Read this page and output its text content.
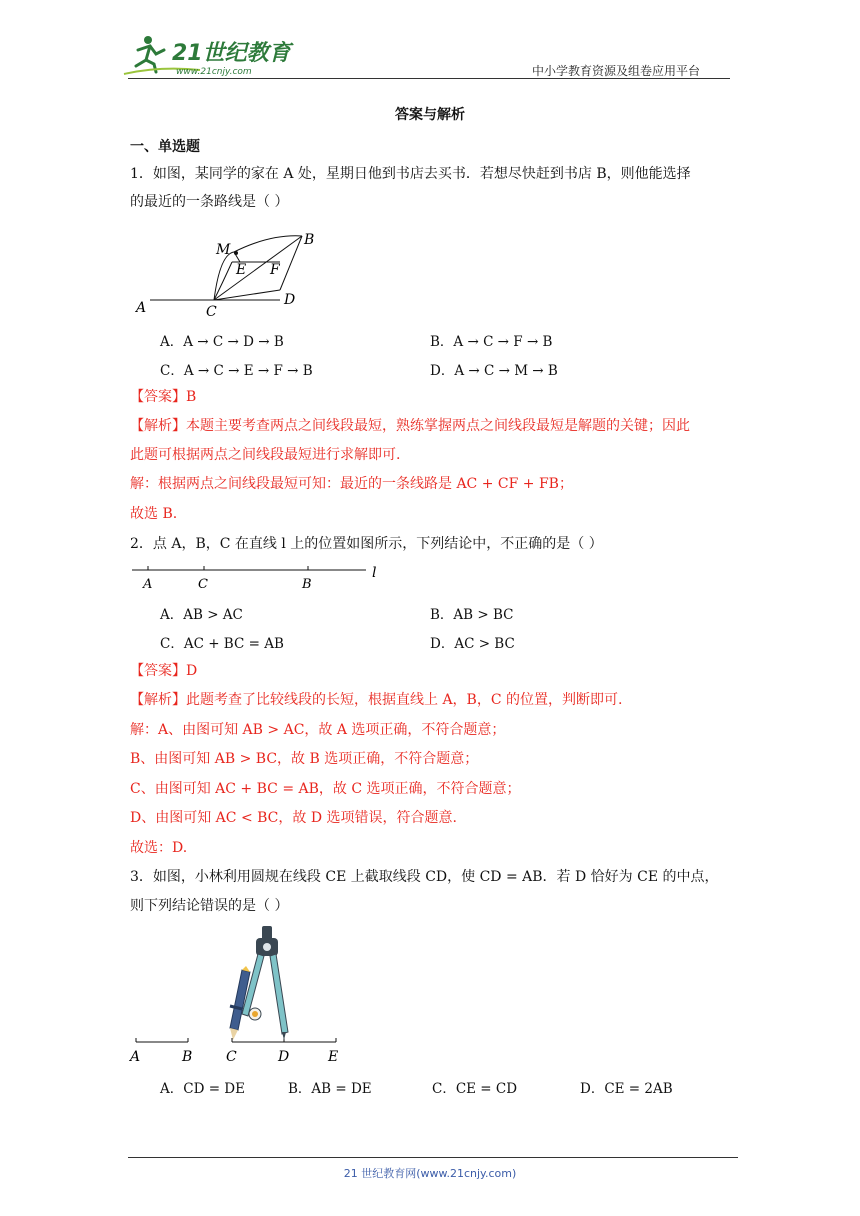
21世纪教育
www.21cnjy.com	中小学教育资源及组卷应用平台
答案与解析
一、单选题
1．如图，某同学的家在 A 处，星期日他到书店去买书．若想尽快赶到书店 B，则他能选择
的最近的一条路线是（ ）
M
B
E F
A	C
D
A．A → C → D → B	B．A → C → F → B
C．A → C → E → F → B	D．A → C → M → B
【答案】B
【解析】本题主要考查两点之间线段最短，熟练掌握两点之间线段最短是解题的关键；因此
此题可根据两点之间线段最短进行求解即可.
解：根据两点之间线段最短可知：最近的一条线路是 AC + CF + FB；
故选 B.
2．点 A，B，C 在直线 l 上的位置如图所示，下列结论中，不正确的是（ ）
A	C	B
l
A．AB > AC	B．AB > BC
C．AC + BC = AB	D．AC > BC
【答案】D
【解析】此题考查了比较线段的长短，根据直线上 A，B，C 的位置，判断即可.
解：A、由图可知 AB > AC，故 A 选项正确，不符合题意；
B、由图可知 AB > BC，故 B 选项正确，不符合题意；
C、由图可知 AC + BC = AB，故 C 选项正确，不符合题意；
D、由图可知 AC < BC，故 D 选项错误，符合题意.
故选：D.
3．如图，小林利用圆规在线段 CE 上截取线段 CD，使 CD = AB．若 D 恰好为 CE 的中点，
则下列结论错误的是（ ）
A	B C	D	E
A．CD = DE	B．AB = DE	C．CE = CD	D．CE = 2AB
21 世纪教育网(www.21cnjy.com)
